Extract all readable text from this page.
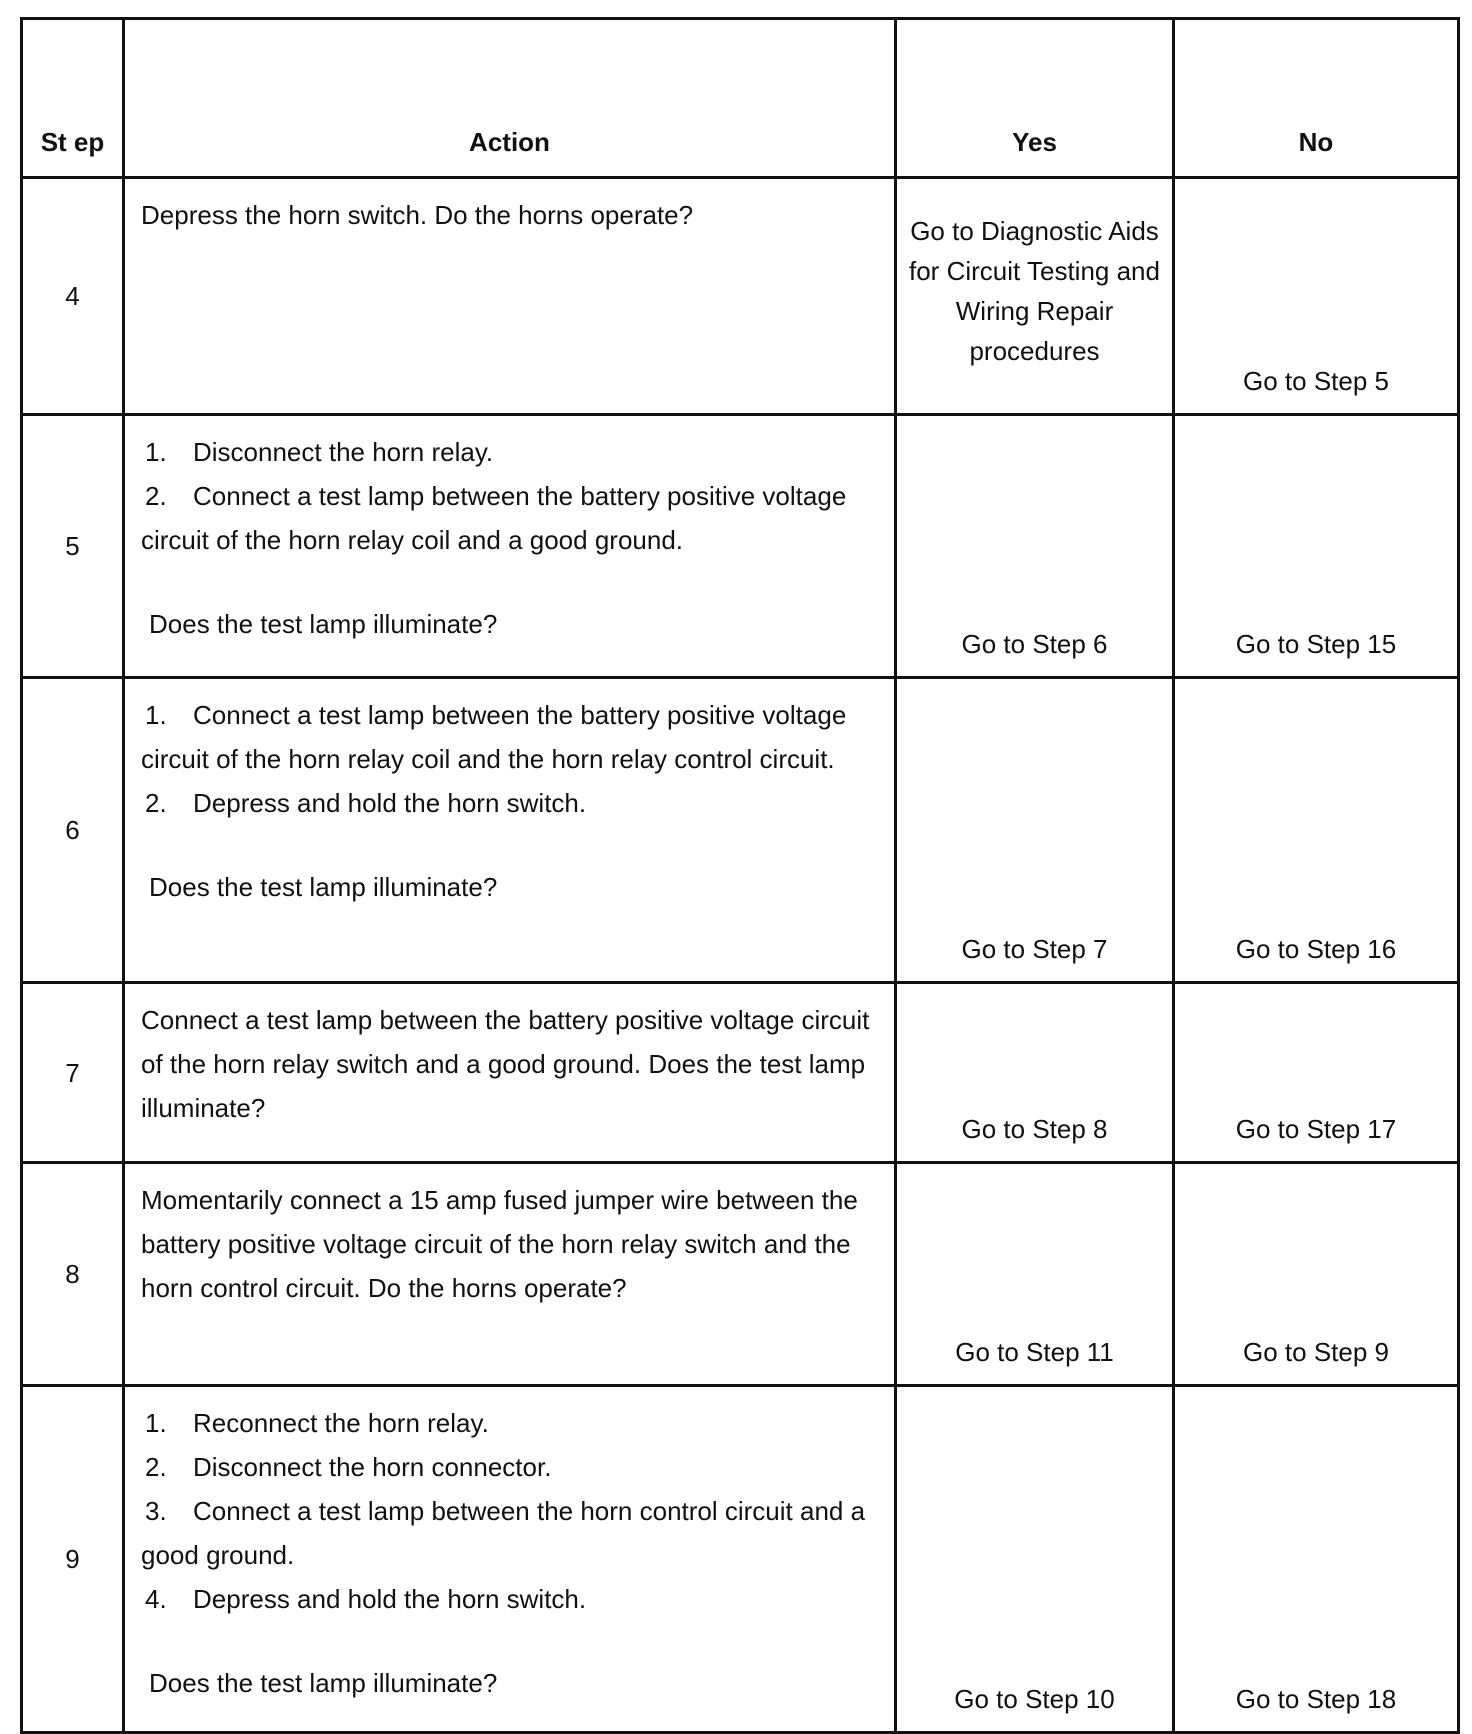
St ep	Action	Yes	No
4	Depress the horn switch. Do the horns operate?	Go to Diagnostic Aids for Circuit Testing and Wiring Repair procedures	Go to Step 5
5	1. Disconnect the horn relay.
2. Connect a test lamp between the battery positive voltage circuit of the horn relay coil and a good ground.
Does the test lamp illuminate?	Go to Step 6	Go to Step 15
6	1. Connect a test lamp between the battery positive voltage circuit of the horn relay coil and the horn relay control circuit.
2. Depress and hold the horn switch.
Does the test lamp illuminate?	Go to Step 7	Go to Step 16
7	Connect a test lamp between the battery positive voltage circuit of the horn relay switch and a good ground. Does the test lamp illuminate?	Go to Step 8	Go to Step 17
8	Momentarily connect a 15 amp fused jumper wire between the battery positive voltage circuit of the horn relay switch and the horn control circuit. Do the horns operate?	Go to Step 11	Go to Step 9
9	1. Reconnect the horn relay.
2. Disconnect the horn connector.
3. Connect a test lamp between the horn control circuit and a good ground.
4. Depress and hold the horn switch.
Does the test lamp illuminate?	Go to Step 10	Go to Step 18
